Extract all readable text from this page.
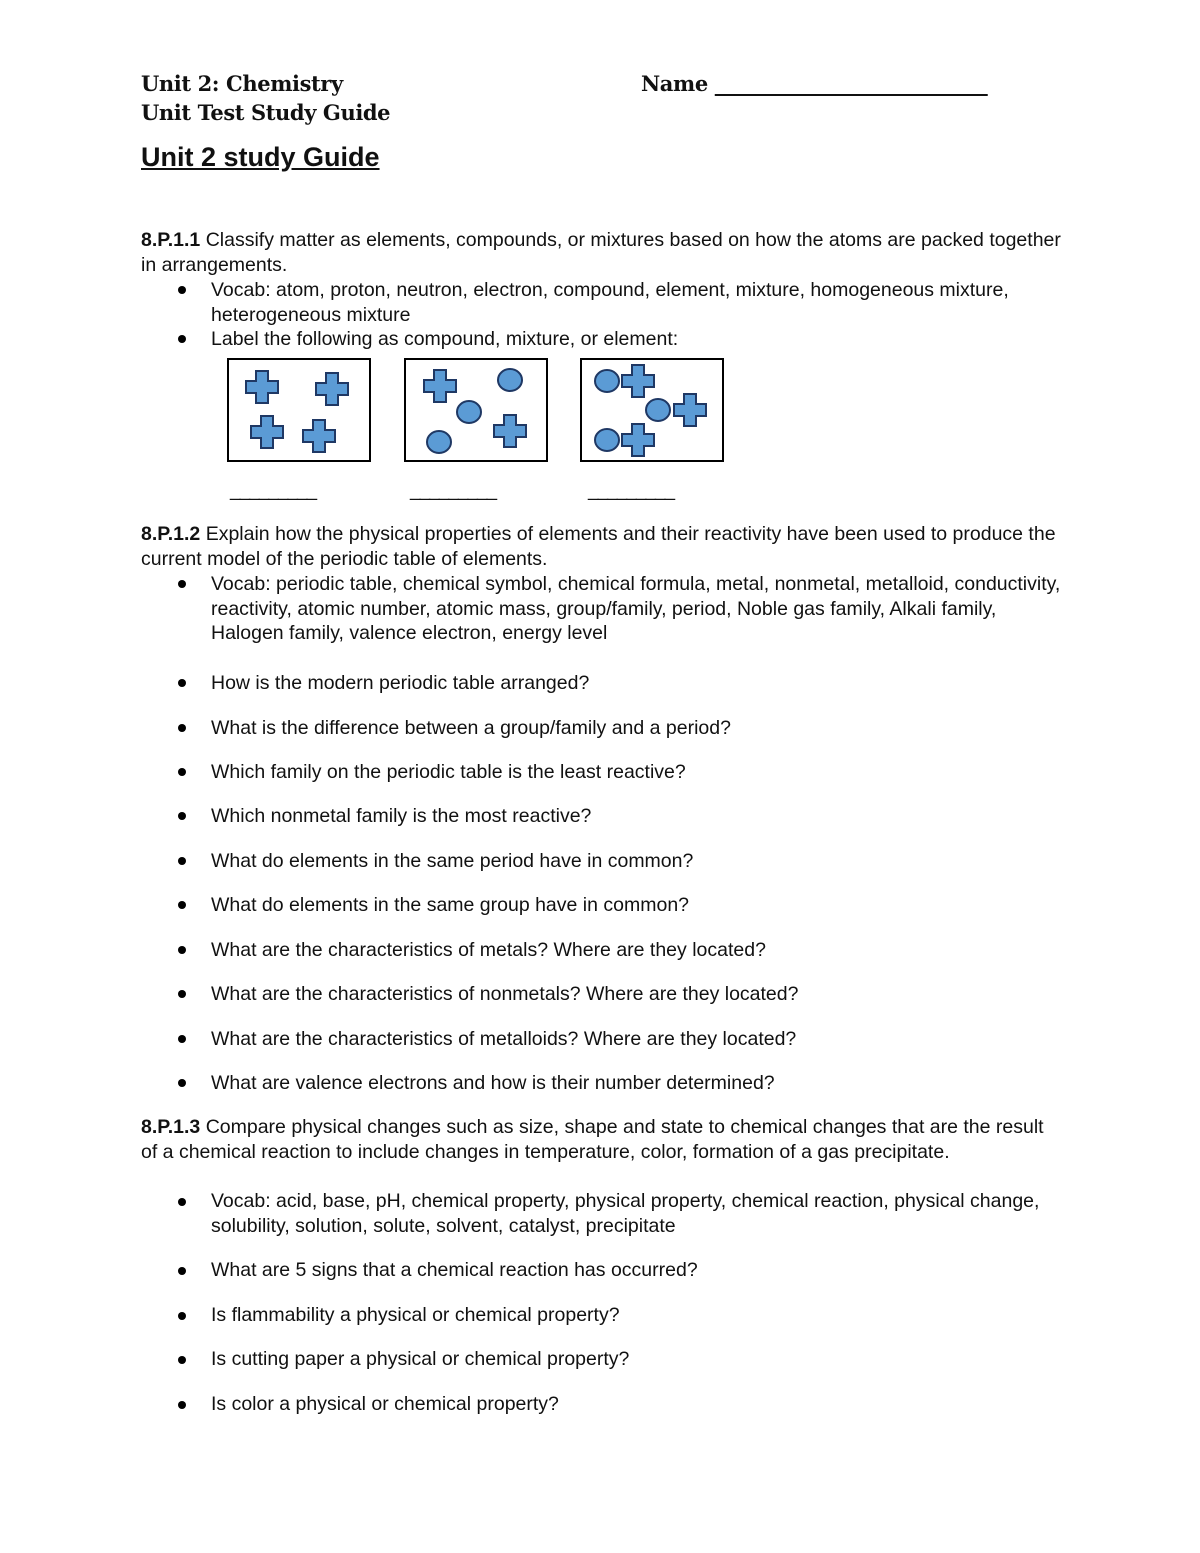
Unit 2: Chemistry
Unit Test Study Guide
Name ___________________________
Unit 2 study Guide
8.P.1.1 Classify matter as elements, compounds, or mixtures based on how the atoms are packed together in arrangements.
Vocab: atom, proton, neutron, electron, compound, element, mixture, homogeneous mixture, heterogeneous mixture
Label the following as compound, mixture, or element:
_________	_________	_________
8.P.1.2 Explain how the physical properties of elements and their reactivity have been used to produce the current model of the periodic table of elements.
Vocab: periodic table, chemical symbol, chemical formula, metal, nonmetal, metalloid, conductivity, reactivity, atomic number, atomic mass, group/family, period, Noble gas family, Alkali family, Halogen family, valence electron, energy level
How is the modern periodic table arranged?
What is the difference between a group/family and a period?
Which family on the periodic table is the least reactive?
Which nonmetal family is the most reactive?
What do elements in the same period have in common?
What do elements in the same group have in common?
What are the characteristics of metals? Where are they located?
What are the characteristics of nonmetals? Where are they located?
What are the characteristics of metalloids? Where are they located?
What are valence electrons and how is their number determined?
8.P.1.3 Compare physical changes such as size, shape and state to chemical changes that are the result of a chemical reaction to include changes in temperature, color, formation of a gas precipitate.
Vocab: acid, base, pH, chemical property, physical property, chemical reaction, physical change, solubility, solution, solute, solvent, catalyst, precipitate
What are 5 signs that a chemical reaction has occurred?
Is flammability a physical or chemical property?
Is cutting paper a physical or chemical property?
Is color a physical or chemical property?
